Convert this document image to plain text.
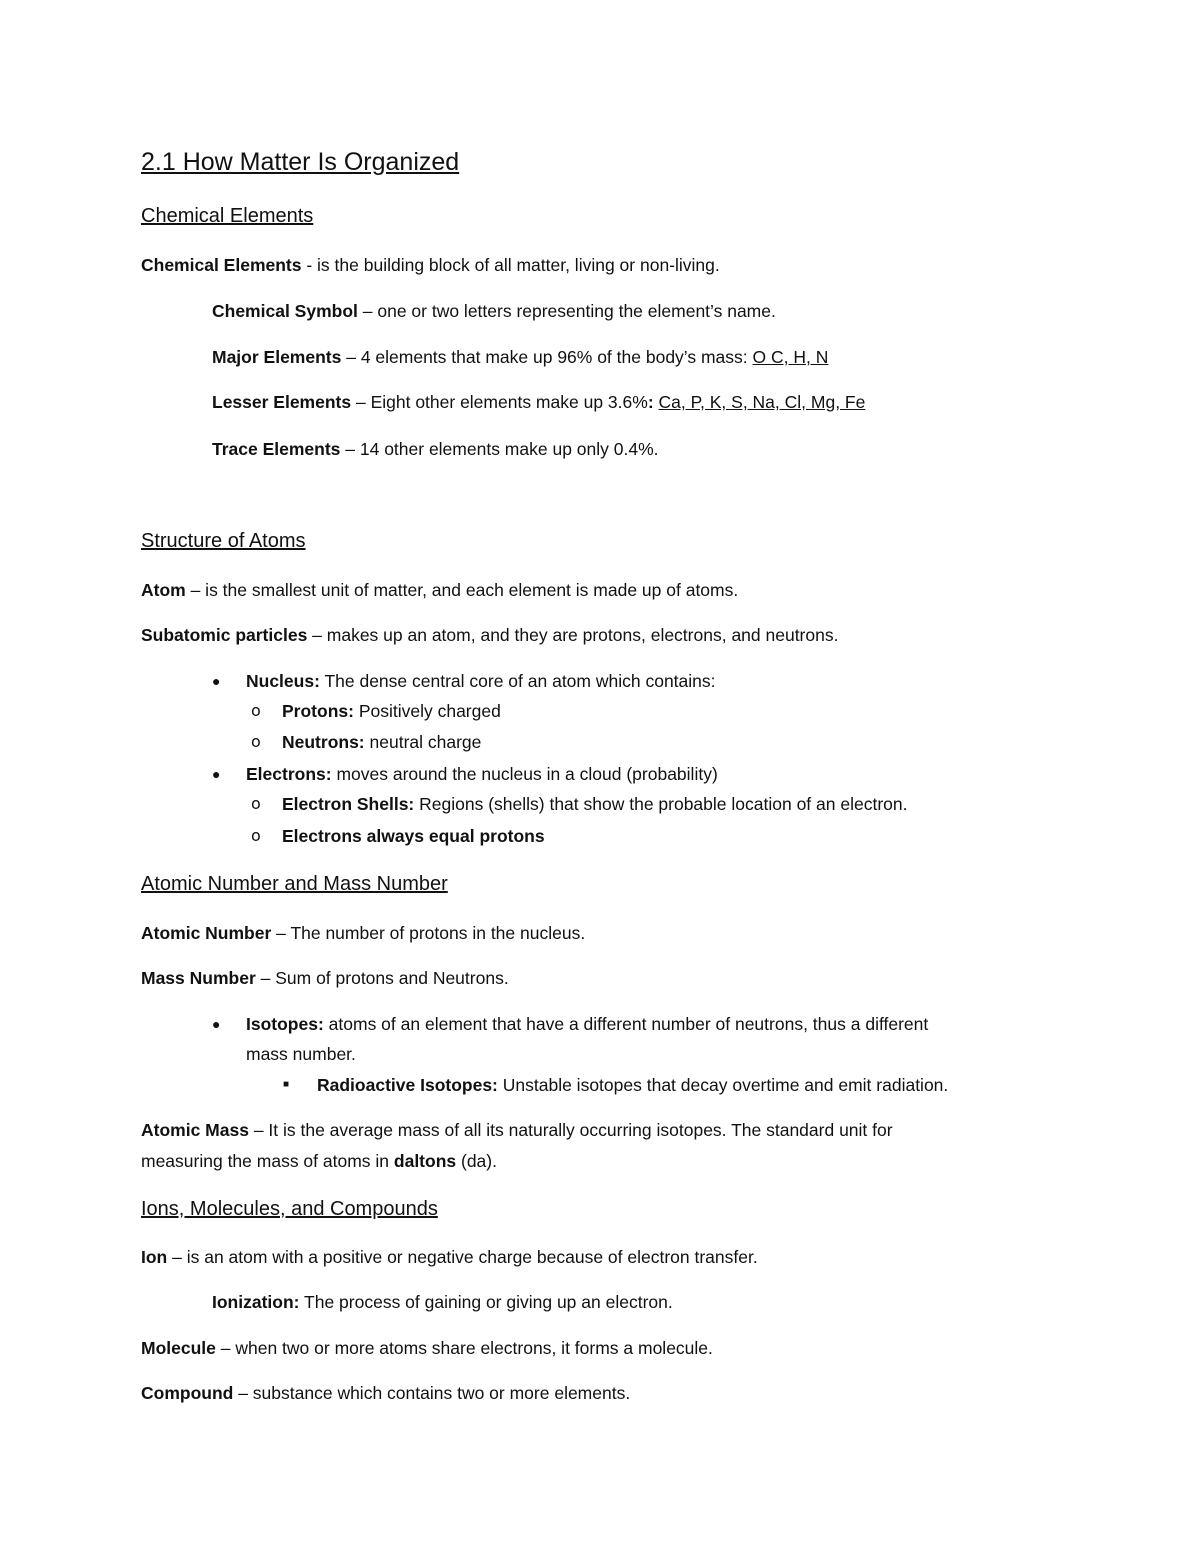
2.1 How Matter Is Organized
Chemical Elements
Chemical Elements - is the building block of all matter, living or non-living.
Chemical Symbol – one or two letters representing the element’s name.
Major Elements – 4 elements that make up 96% of the body’s mass: O C, H, N
Lesser Elements – Eight other elements make up 3.6%: Ca, P, K, S, Na, Cl, Mg, Fe
Trace Elements – 14 other elements make up only 0.4%.
Structure of Atoms
Atom – is the smallest unit of matter, and each element is made up of atoms.
Subatomic particles – makes up an atom, and they are protons, electrons, and neutrons.
● Nucleus: The dense central core of an atom which contains:
o Protons: Positively charged
o Neutrons: neutral charge
● Electrons: moves around the nucleus in a cloud (probability)
o Electron Shells: Regions (shells) that show the probable location of an electron.
o Electrons always equal protons
Atomic Number and Mass Number
Atomic Number – The number of protons in the nucleus.
Mass Number – Sum of protons and Neutrons.
● Isotopes: atoms of an element that have a different number of neutrons, thus a different
mass number.
■ Radioactive Isotopes: Unstable isotopes that decay overtime and emit radiation.
Atomic Mass – It is the average mass of all its naturally occurring isotopes. The standard unit for
measuring the mass of atoms in daltons (da).
Ions, Molecules, and Compounds
Ion – is an atom with a positive or negative charge because of electron transfer.
Ionization: The process of gaining or giving up an electron.
Molecule – when two or more atoms share electrons, it forms a molecule.
Compound – substance which contains two or more elements.
